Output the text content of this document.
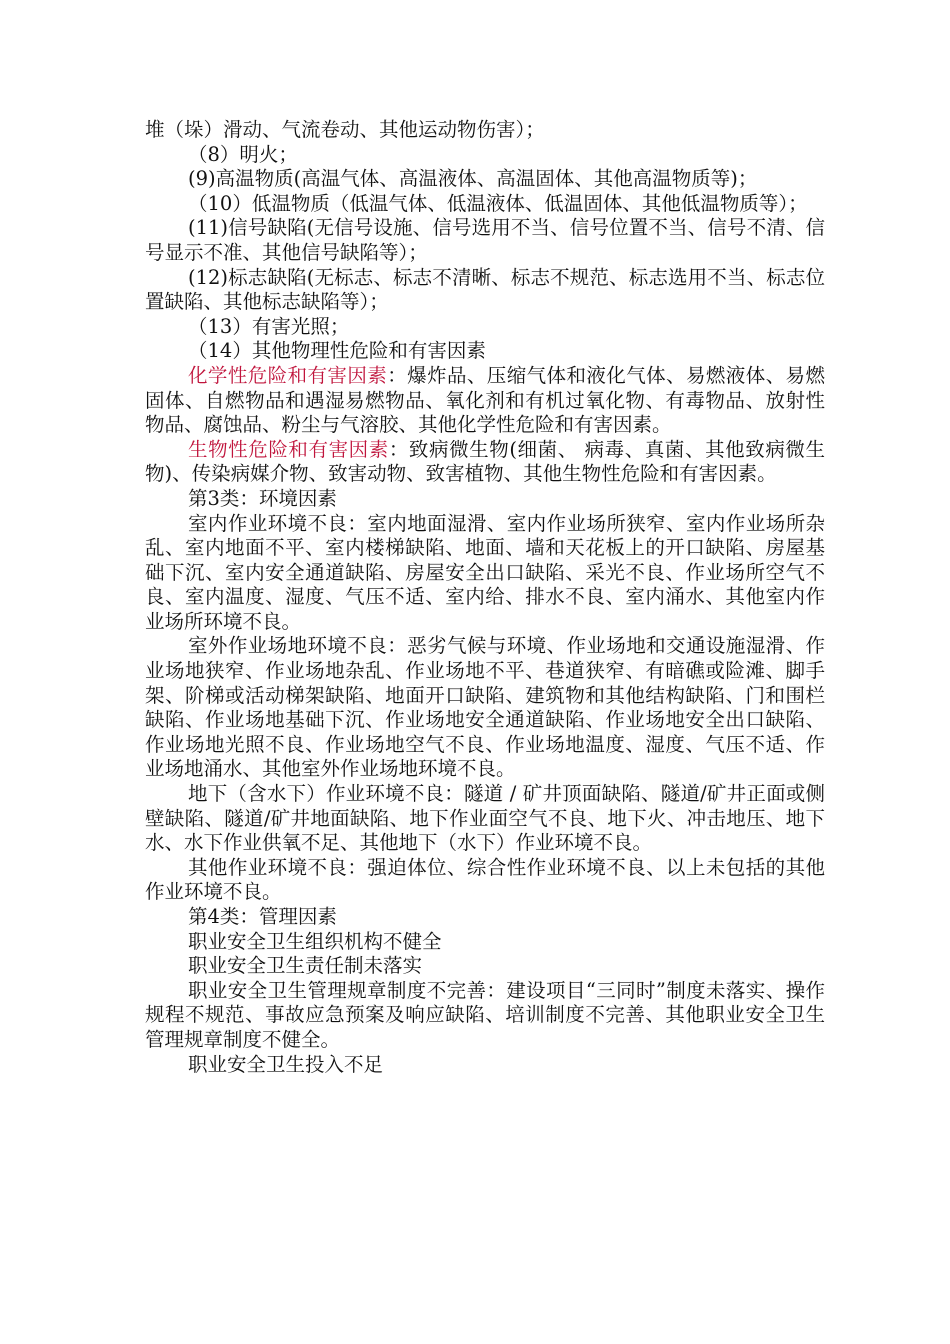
堆（垛）滑动、气流卷动、其他运动物伤害）；

（8）明火；

(9)高温物质(高温气体、高温液体、高温固体、其他高温物质等)；

（10）低温物质（低温气体、低温液体、低温固体、其他低温物质等）；

(11)信号缺陷(无信号设施、信号选用不当、信号位置不当、信号不清、信号显示不准、其他信号缺陷等）；

(12)标志缺陷(无标志、标志不清晰、标志不规范、标志选用不当、标志位置缺陷、其他标志缺陷等）；

（13）有害光照；

（14）其他物理性危险和有害因素

化学性危险和有害因素：爆炸品、压缩气体和液化气体、易燃液体、易燃固体、自燃物品和遇湿易燃物品、氧化剂和有机过氧化物、有毒物品、放射性物品、腐蚀品、粉尘与气溶胶、其他化学性危险和有害因素。

生物性危险和有害因素：致病微生物(细菌、 病毒、真菌、其他致病微生物)、传染病媒介物、致害动物、致害植物、其他生物性危险和有害因素。

第3类：环境因素

室内作业环境不良：室内地面湿滑、室内作业场所狭窄、室内作业场所杂乱、室内地面不平、室内楼梯缺陷、地面、墙和天花板上的开口缺陷、房屋基础下沉、室内安全通道缺陷、房屋安全出口缺陷、采光不良、作业场所空气不良、室内温度、湿度、气压不适、室内给、排水不良、室内涌水、其他室内作业场所环境不良。

室外作业场地环境不良：恶劣气候与环境、作业场地和交通设施湿滑、作业场地狭窄、作业场地杂乱、作业场地不平、巷道狭窄、有暗礁或险滩、脚手架、阶梯或活动梯架缺陷、地面开口缺陷、建筑物和其他结构缺陷、门和围栏缺陷、作业场地基础下沉、作业场地安全通道缺陷、作业场地安全出口缺陷、作业场地光照不良、作业场地空气不良、作业场地温度、湿度、气压不适、作业场地涌水、其他室外作业场地环境不良。

地下（含水下）作业环境不良：隧道 / 矿井顶面缺陷、隧道/矿井正面或侧壁缺陷、隧道/矿井地面缺陷、地下作业面空气不良、地下火、冲击地压、地下水、水下作业供氧不足、其他地下（水下）作业环境不良。

其他作业环境不良：强迫体位、综合性作业环境不良、以上未包括的其他作业环境不良。

第4类：管理因素

职业安全卫生组织机构不健全

职业安全卫生责任制未落实

职业安全卫生管理规章制度不完善：建设项目“三同时”制度未落实、操作规程不规范、事故应急预案及响应缺陷、培训制度不完善、其他职业安全卫生管理规章制度不健全。

职业安全卫生投入不足
